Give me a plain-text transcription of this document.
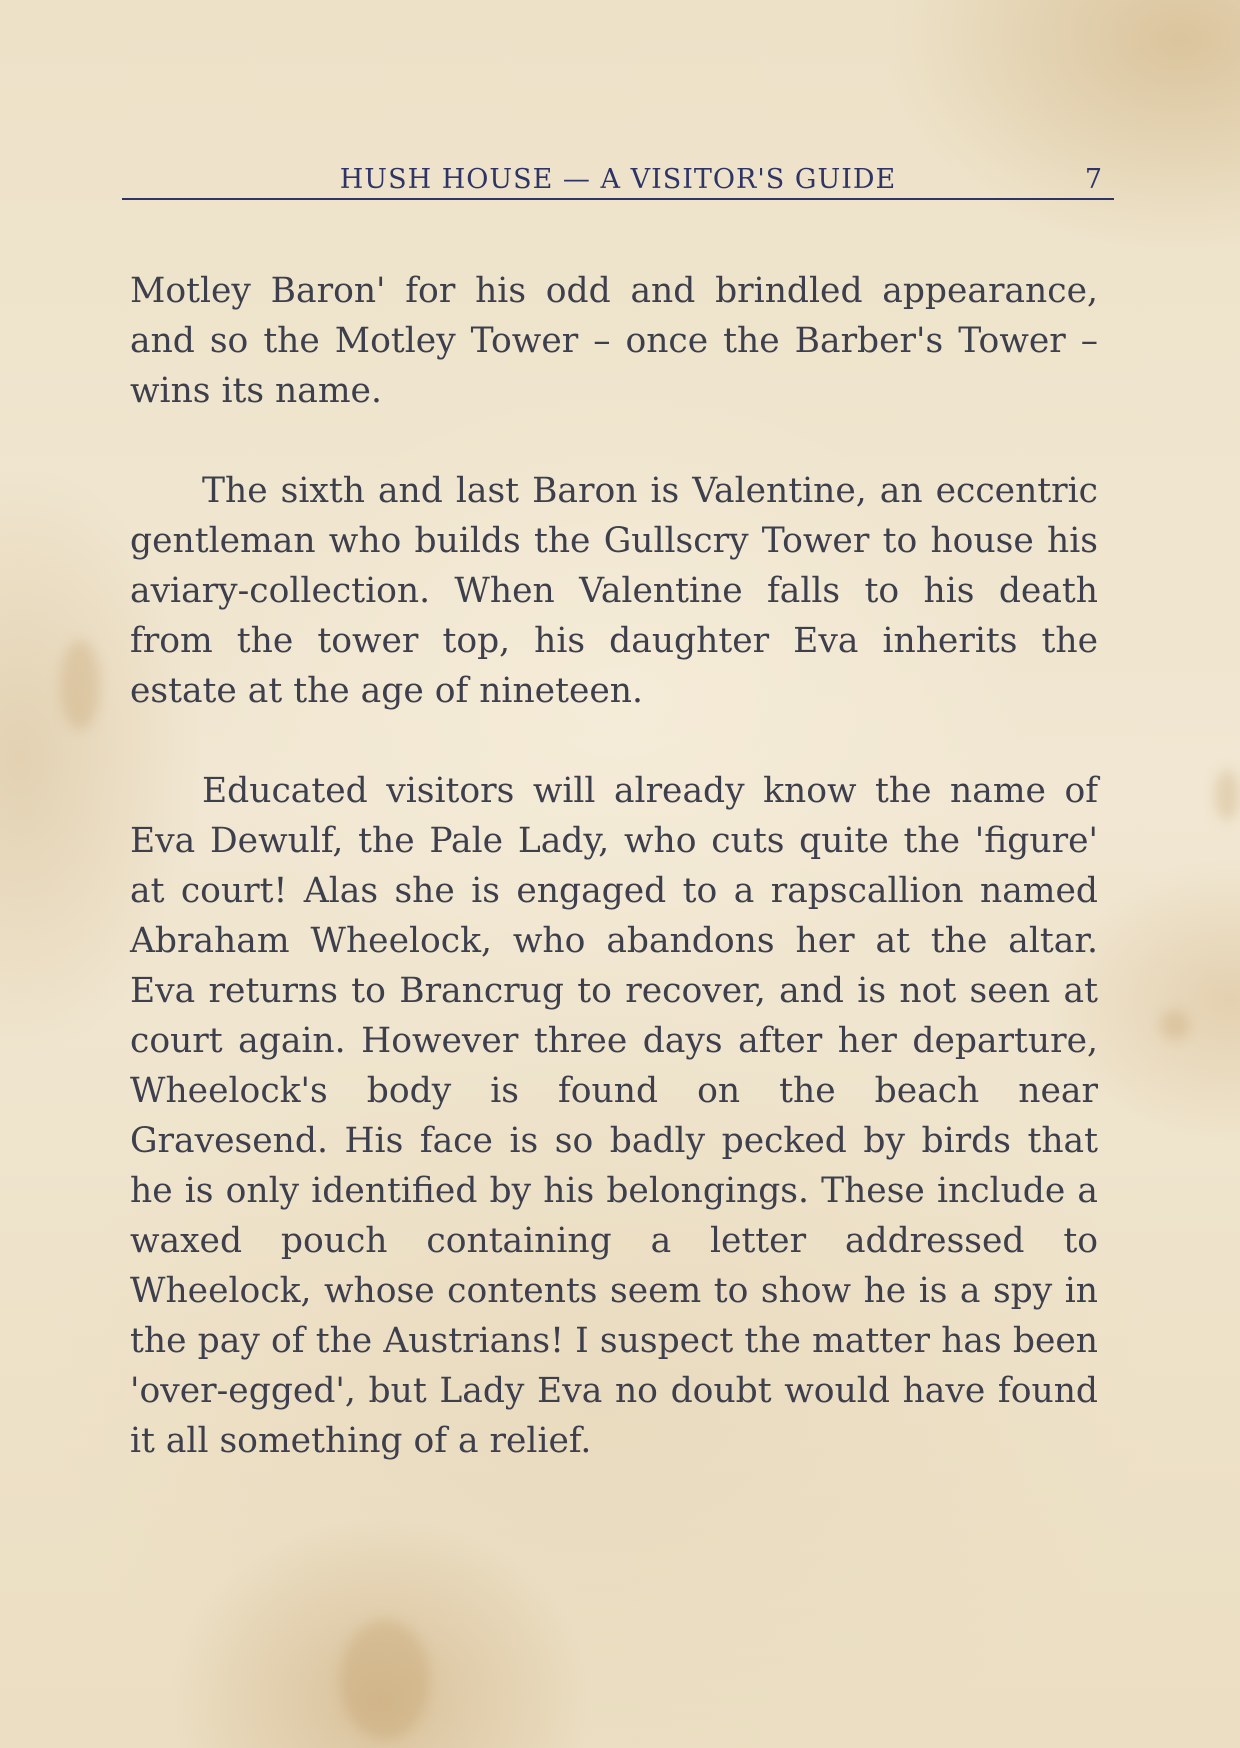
HUSH HOUSE — A VISITOR'S GUIDE	7

Motley Baron' for his odd and brindled appearance, and so the Motley Tower – once the Barber's Tower – wins its name.

The sixth and last Baron is Valentine, an eccentric gentleman who builds the Gullscry Tower to house his aviary-collection. When Valentine falls to his death from the tower top, his daughter Eva inherits the estate at the age of nineteen.

Educated visitors will already know the name of Eva Dewulf, the Pale Lady, who cuts quite the 'figure' at court! Alas she is engaged to a rapscallion named Abraham Wheelock, who abandons her at the altar. Eva returns to Brancrug to recover, and is not seen at court again. However three days after her departure, Wheelock's body is found on the beach near Gravesend. His face is so badly pecked by birds that he is only identified by his belongings. These include a waxed pouch containing a letter addressed to Wheelock, whose contents seem to show he is a spy in the pay of the Austrians! I suspect the matter has been 'over-egged', but Lady Eva no doubt would have found it all something of a relief.
